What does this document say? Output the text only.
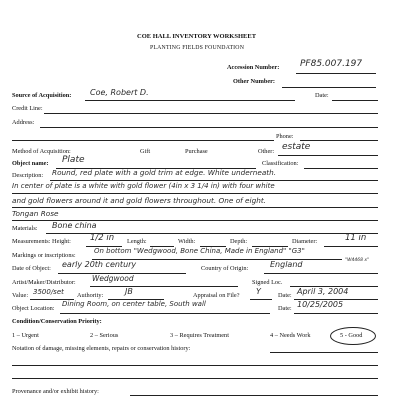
COE HALL INVENTORY WORKSHEET
PLANTING FIELDS FOUNDATION
Accession Number: PF85.007.197
Other Number:
Source of Acquisition: Coe, Robert D.	Date:
Credit Line:
Address:
Phone:
Method of Acquisition:	Gift	Purchase	Other: estate
Object name: Plate	Classification:
Description: Round, red plate with a gold trim at edge. White underneath.
In center of plate is a white with gold flower (4in x 3 1/4 in) with four white
and gold flowers around it and gold flowers throughout. One of eight.
Tongan Rose
Materials: Bone china
Measurements: Height: 1/2 in Length:	Width:	Depth:	Diameter:	11 in
Markings or inscriptions:
On bottom "Wedgwood, Bone China, Made in England" "G3"
"W4468 x"
Date of Object: early 20th century	Country of Origin:	England
Artist/Maker/Distributor: Wedgwood	Signed Loc.
Value: 3500/set Authority:	JB	Appraisal on File? Y	Date: April 3, 2004
Object Location:
Dining Room, on center table, South wall
Date: 10/25/2005
Condition/Conservation Priority:
1 – Urgent	2 – Serious	3 – Requires Treatment	4 – Needs Work	5 - Good
Notation of damage, missing elements, repairs or conservation history:
Provenance and/or exhibit history:
